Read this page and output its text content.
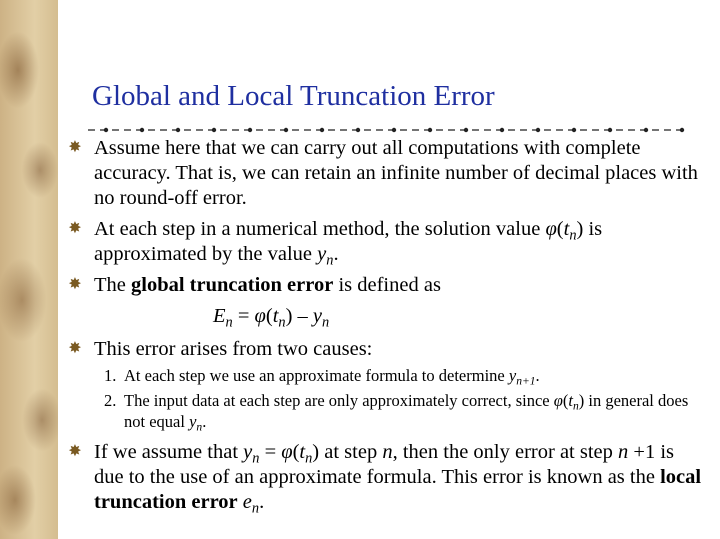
Global and Local Truncation Error
✸ Assume here that we can carry out all computations with complete accuracy. That is, we can retain an infinite number of decimal places with no round-off error.
✸ At each step in a numerical method, the solution value $\varphi(t_n)$ is approximated by the value $y_n$.
✸ The global truncation error is defined as
$E_n = \varphi(t_n) - y_n$
✸ This error arises from two causes:
1. At each step we use an approximate formula to determine $y_{n+1}$.
2. The input data at each step are only approximately correct, since $\varphi(t_n)$ in general does not equal $y_n$.
✸ If we assume that $y_n = \varphi(t_n)$ at step n, then the only error at step n +1 is due to the use of an approximate formula. This error is known as the local truncation error $e_n$.
